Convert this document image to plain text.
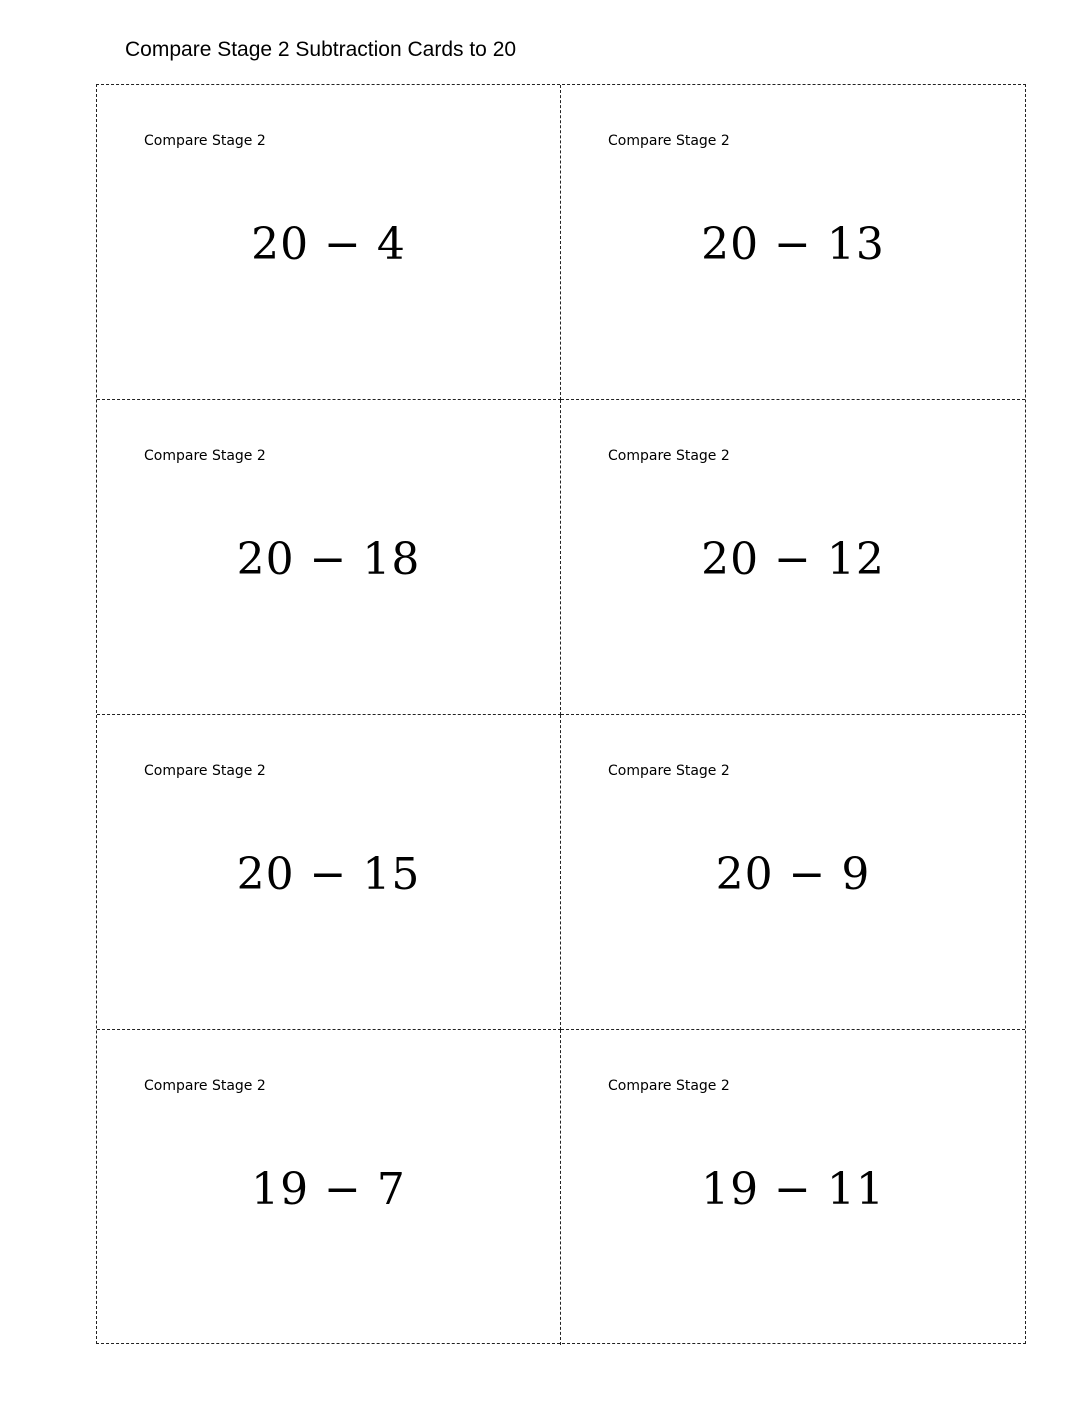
Compare Stage 2 Subtraction Cards to 20
Compare Stage 2
20 − 4
Compare Stage 2
20 − 13
Compare Stage 2
20 − 18
Compare Stage 2
20 − 12
Compare Stage 2
20 − 15
Compare Stage 2
20 − 9
Compare Stage 2
19 − 7
Compare Stage 2
19 − 11
